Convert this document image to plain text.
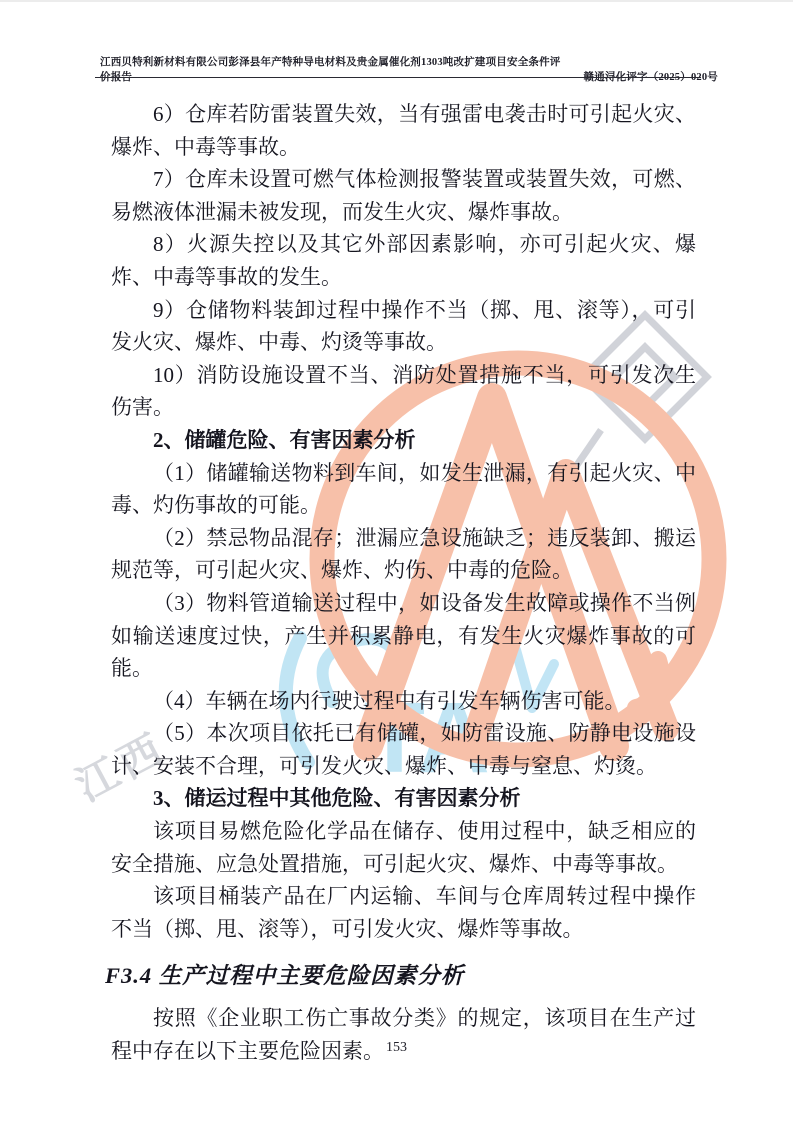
江西 TA
江西贝特利新材料有限公司彭泽县年产特种导电材料及贵金属催化剂1303吨改扩建项目安全条件评价报告	赣通浔化评字（2025）020号

6）仓库若防雷装置失效，当有强雷电袭击时可引起火灾、爆炸、中毒等事故。

7）仓库未设置可燃气体检测报警装置或装置失效，可燃、易燃液体泄漏未被发现，而发生火灾、爆炸事故。

8）火源失控以及其它外部因素影响，亦可引起火灾、爆炸、中毒等事故的发生。

9）仓储物料装卸过程中操作不当（掷、甩、滚等），可引发火灾、爆炸、中毒、灼烫等事故。

10）消防设施设置不当、消防处置措施不当，可引发次生伤害。

2、储罐危险、有害因素分析

（1）储罐输送物料到车间，如发生泄漏，有引起火灾、中毒、灼伤事故的可能。

（2）禁忌物品混存；泄漏应急设施缺乏；违反装卸、搬运规范等，可引起火灾、爆炸、灼伤、中毒的危险。

（3）物料管道输送过程中，如设备发生故障或操作不当例如输送速度过快，产生并积累静电，有发生火灾爆炸事故的可能。

（4）车辆在场内行驶过程中有引发车辆伤害可能。

（5）本次项目依托已有储罐，如防雷设施、防静电设施设计、安装不合理，可引发火灾、爆炸、中毒与窒息、灼烫。

3、储运过程中其他危险、有害因素分析

该项目易燃危险化学品在储存、使用过程中，缺乏相应的安全措施、应急处置措施，可引起火灾、爆炸、中毒等事故。

该项目桶装产品在厂内运输、车间与仓库周转过程中操作不当（掷、甩、滚等），可引发火灾、爆炸等事故。

F3.4 生产过程中主要危险因素分析

按照《企业职工伤亡事故分类》的规定，该项目在生产过程中存在以下主要危险因素。 153
